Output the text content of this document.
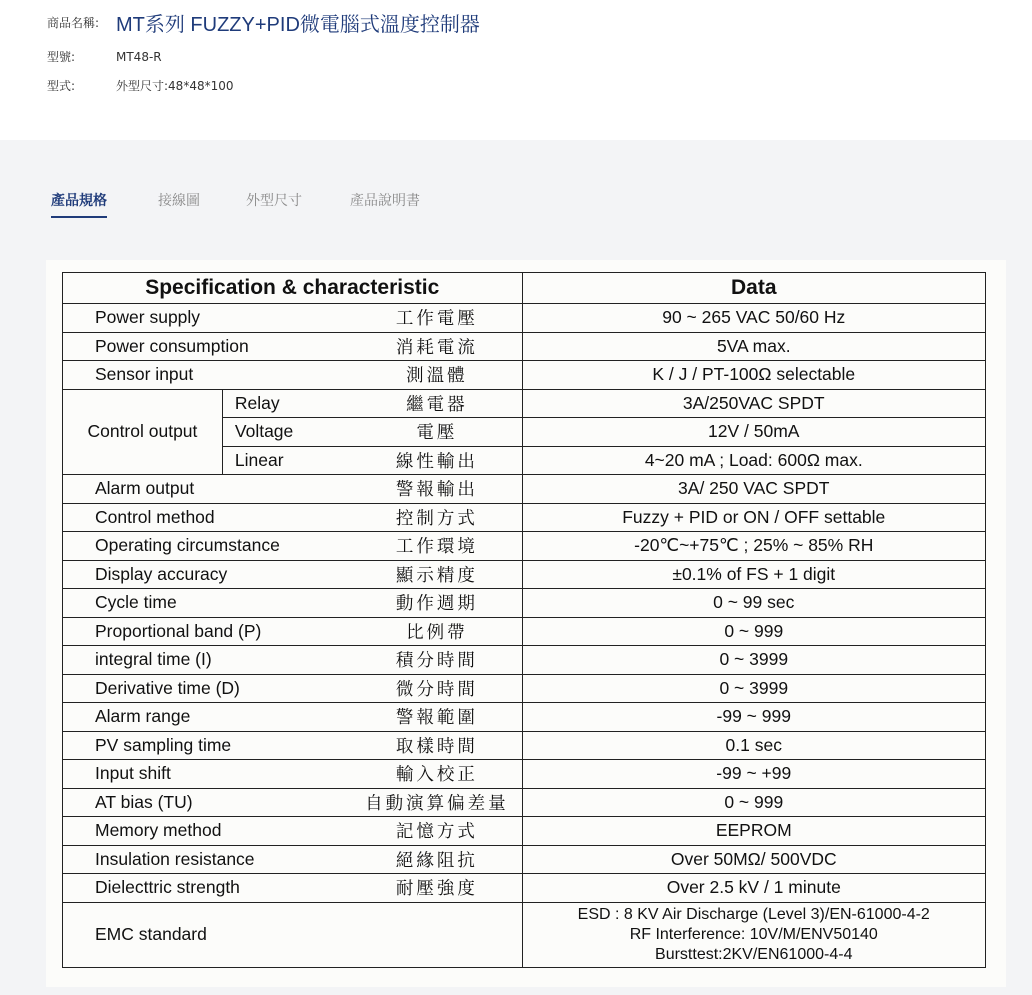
商品名稱: MT系列 FUZZY+PID微電腦式溫度控制器
型號:	MT48-R
型式:	外型尺寸:48*48*100
產品規格	接線圖	外型尺寸	產品說明書
Specification & characteristic			Data
Power supply		工作電壓	90 ~ 265 VAC 50/60 Hz
Power consumption		消耗電流	5VA max.
Sensor input		測溫體	K / J / PT-100Ω selectable
Control output	Relay	繼電器	3A/250VAC SPDT
	Voltage	電壓	12V / 50mA
	Linear	線性輸出	4~20 mA ; Load: 600Ω max.
Alarm output		警報輸出	3A/ 250 VAC SPDT
Control method		控制方式	Fuzzy + PID or ON / OFF settable
Operating circumstance		工作環境	-20℃~+75℃ ; 25% ~ 85% RH
Display accuracy		顯示精度	±0.1% of FS + 1 digit
Cycle time		動作週期	0 ~ 99 sec
Proportional band (P)		比例帶	0 ~ 999
integral time (I)		積分時間	0 ~ 3999
Derivative time (D)		微分時間	0 ~ 3999
Alarm range		警報範圍	-99 ~ 999
PV sampling time		取樣時間	0.1 sec
Input shift		輸入校正	-99 ~ +99
AT bias (TU)		自動演算偏差量	0 ~ 999
Memory method		記憶方式	EEPROM
Insulation resistance		絕緣阻抗	Over 50MΩ/ 500VDC
Dielecttric strength		耐壓強度	Over 2.5 kV / 1 minute
EMC standard			ESD : 8 KV Air Discharge (Level 3)/EN-61000-4-2
RF Interference: 10V/M/ENV50140
Bursttest:2KV/EN61000-4-4
